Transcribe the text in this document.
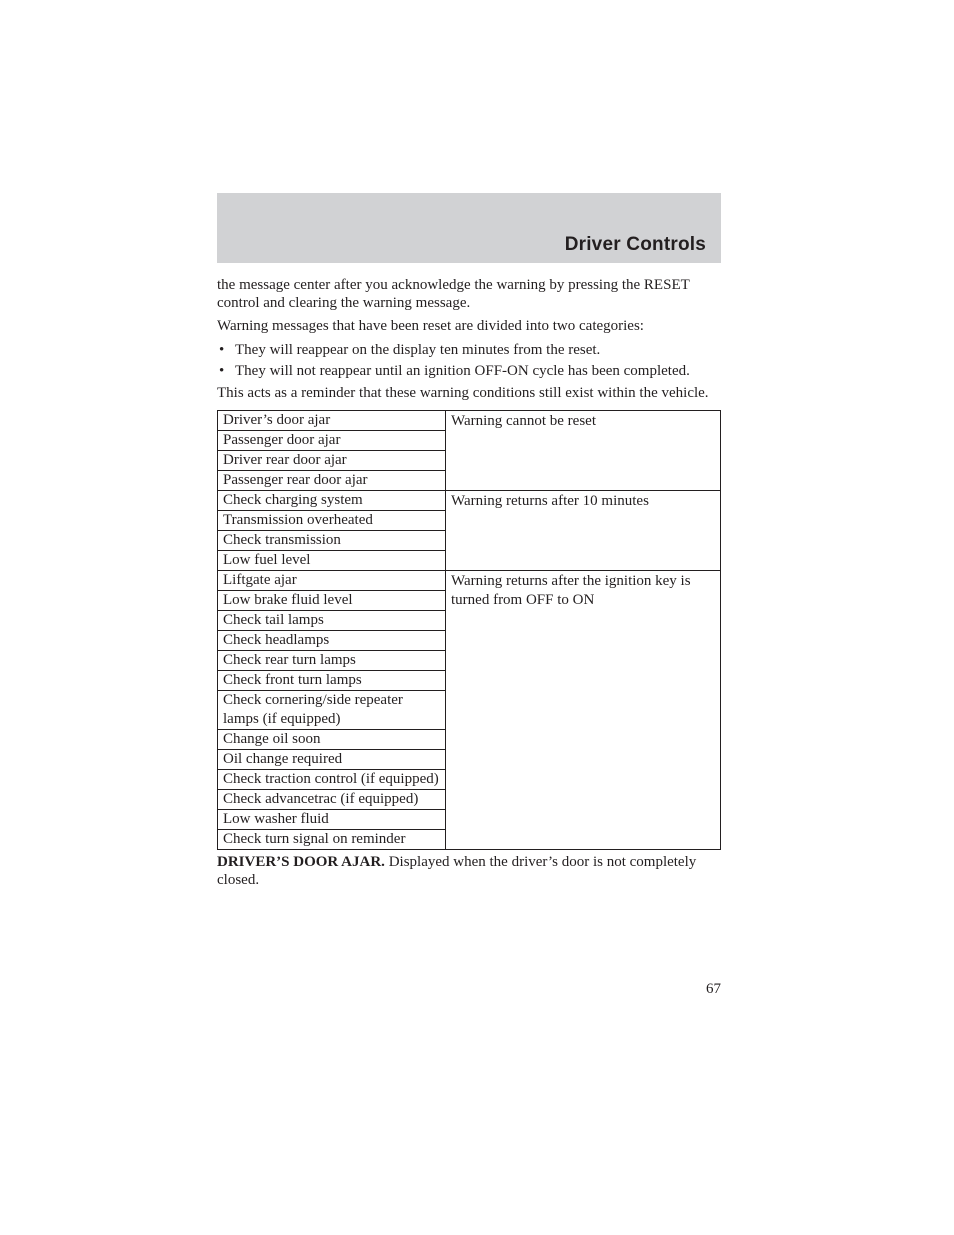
Driver Controls

the message center after you acknowledge the warning by pressing the RESET control and clearing the warning message.

Warning messages that have been reset are divided into two categories:

• They will reappear on the display ten minutes from the reset.
• They will not reappear until an ignition OFF-ON cycle has been completed.

This acts as a reminder that these warning conditions still exist within the vehicle.

Driver’s door ajar	Warning cannot be reset
Passenger door ajar	
Driver rear door ajar	
Passenger rear door ajar	
Check charging system	Warning returns after 10 minutes
Transmission overheated	
Check transmission	
Low fuel level	
Liftgate ajar	Warning returns after the ignition key is turned from OFF to ON
Low brake fluid level	
Check tail lamps	
Check headlamps	
Check rear turn lamps	
Check front turn lamps	
Check cornering/side repeater lamps (if equipped)	
Change oil soon	
Oil change required	
Check traction control (if equipped)	
Check advancetrac (if equipped)	
Low washer fluid	
Check turn signal on reminder	

DRIVER’S DOOR AJAR. Displayed when the driver’s door is not completely closed.

67
